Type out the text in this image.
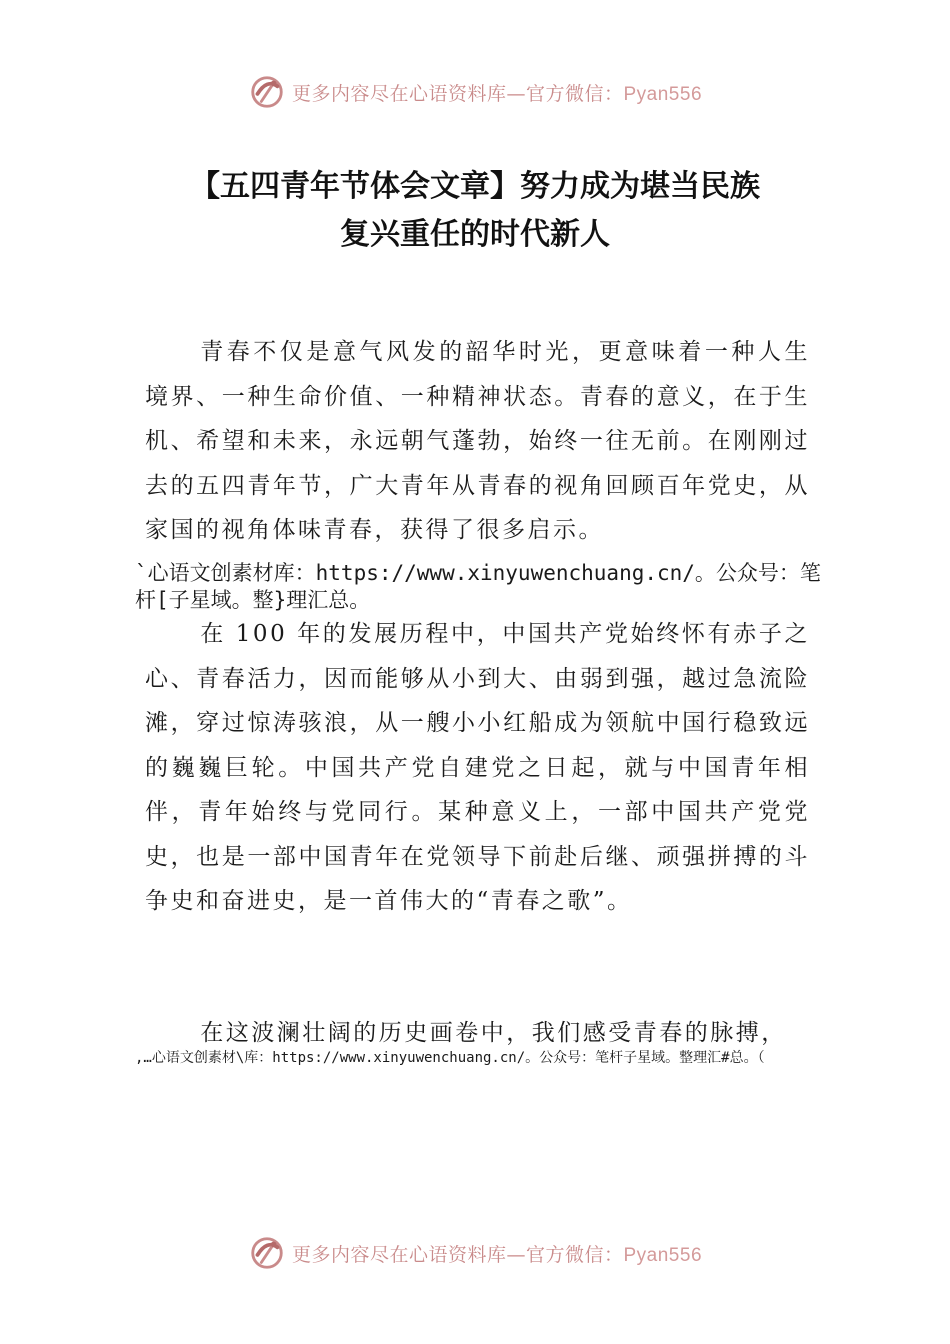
更多内容尽在心语资料库—官方微信：Pyan556
【五四青年节体会文章】努力成为堪当民族
复兴重任的时代新人

青春不仅是意气风发的韶华时光，更意味着一种人生境界、一种生命价值、一种精神状态。青春的意义，在于生机、希望和未来，永远朝气蓬勃，始终一往无前。在刚刚过去的五四青年节，广大青年从青春的视角回顾百年党史，从家国的视角体味青春，获得了很多启示。

`心语文创素材库：https://www.xinyuwenchuang.cn/。公众号：笔杆[子星域。整}理汇总。

在 100 年的发展历程中，中国共产党始终怀有赤子之心、青春活力，因而能够从小到大、由弱到强，越过急流险滩，穿过惊涛骇浪，从一艘小小红船成为领航中国行稳致远的巍巍巨轮。中国共产党自建党之日起，就与中国青年相伴，青年始终与党同行。某种意义上，一部中国共产党党史，也是一部中国青年在党领导下前赴后继、顽强拼搏的斗争史和奋进史，是一首伟大的“青春之歌”。

在这波澜壮阔的历史画卷中，我们感受青春的脉搏，

,…心语文创素材\库：https://www.xinyuwenchuang.cn/。公众号：笔杆子星域。整理汇#总。（

更多内容尽在心语资料库—官方微信：Pyan556
